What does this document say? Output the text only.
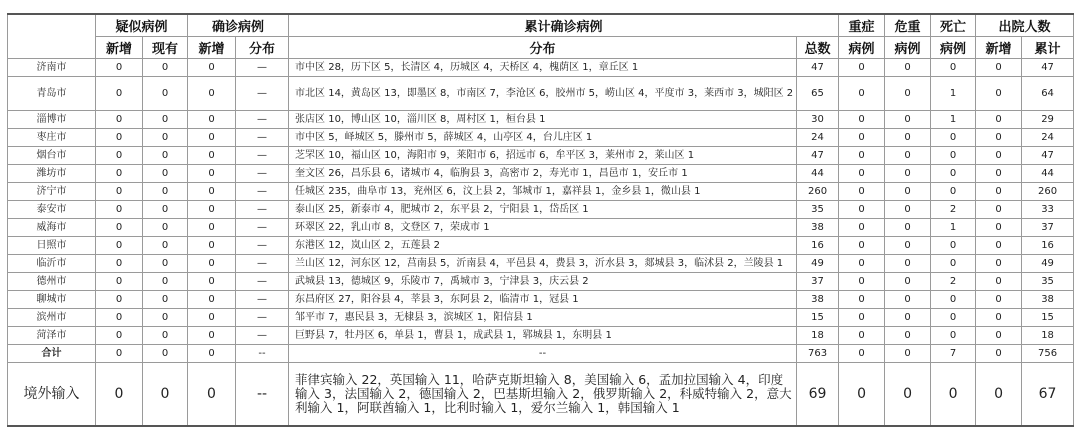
	疑似病例		确诊病例		累计确诊病例		重症	危重	死亡	出院人数	
	新增	现有	新增	分布	分布	总数	病例	病例	病例	新增	累计
济南市	0	0	0	—	市中区 28，历下区 5，长清区 4，历城区 4，天桥区 4，槐荫区 1，章丘区 1	47	0	0	0	0	47
青岛市	0	0	0	—	市北区 14，黄岛区 13，即墨区 8，市南区 7，李沧区 6，胶州市 5，崂山区 4，平度市 3，莱西市 3，城阳区 2	65	0	0	1	0	64
淄博市	0	0	0	—	张店区 10，博山区 10，淄川区 8，周村区 1，桓台县 1	30	0	0	1	0	29
枣庄市	0	0	0	—	市中区 5，峄城区 5，滕州市 5，薛城区 4，山亭区 4，台儿庄区 1	24	0	0	0	0	24
烟台市	0	0	0	—	芝罘区 10，福山区 10，海阳市 9，莱阳市 6，招远市 6，牟平区 3，莱州市 2，莱山区 1	47	0	0	0	0	47
潍坊市	0	0	0	—	奎文区 26，昌乐县 6，诸城市 4，临朐县 3，高密市 2，寿光市 1，昌邑市 1，安丘市 1	44	0	0	0	0	44
济宁市	0	0	0	—	任城区 235，曲阜市 13，兖州区 6，汶上县 2，邹城市 1，嘉祥县 1，金乡县 1，微山县 1	260	0	0	0	0	260
泰安市	0	0	0	—	泰山区 25，新泰市 4，肥城市 2，东平县 2，宁阳县 1，岱岳区 1	35	0	0	2	0	33
威海市	0	0	0	—	环翠区 22，乳山市 8，文登区 7，荣成市 1	38	0	0	1	0	37
日照市	0	0	0	—	东港区 12，岚山区 2，五莲县 2	16	0	0	0	0	16
临沂市	0	0	0	—	兰山区 12，河东区 12，莒南县 5，沂南县 4，平邑县 4，费县 3，沂水县 3，郯城县 3，临沭县 2，兰陵县 1	49	0	0	0	0	49
德州市	0	0	0	—	武城县 13，德城区 9，乐陵市 7，禹城市 3，宁津县 3，庆云县 2	37	0	0	2	0	35
聊城市	0	0	0	—	东昌府区 27，阳谷县 4，莘县 3，东阿县 2，临清市 1，冠县 1	38	0	0	0	0	38
滨州市	0	0	0	—	邹平市 7，惠民县 3，无棣县 3，滨城区 1，阳信县 1	15	0	0	0	0	15
菏泽市	0	0	0	—	巨野县 7，牡丹区 6，单县 1，曹县 1，成武县 1，郓城县 1，东明县 1	18	0	0	0	0	18
合计	0	0	0	--	--	763	0	0	7	0	756
境外输入	0	0	0	--	菲律宾输入 22，英国输入 11，哈萨克斯坦输入 8，美国输入 6，孟加拉国输入 4，印度输入 3，法国输入 2，德国输入 2，巴基斯坦输入 2，俄罗斯输入 2，科威特输入 2，意大利输入 1，阿联酋输入 1，比利时输入 1，爱尔兰输入 1，韩国输入 1	69	0	0	0	0	67
